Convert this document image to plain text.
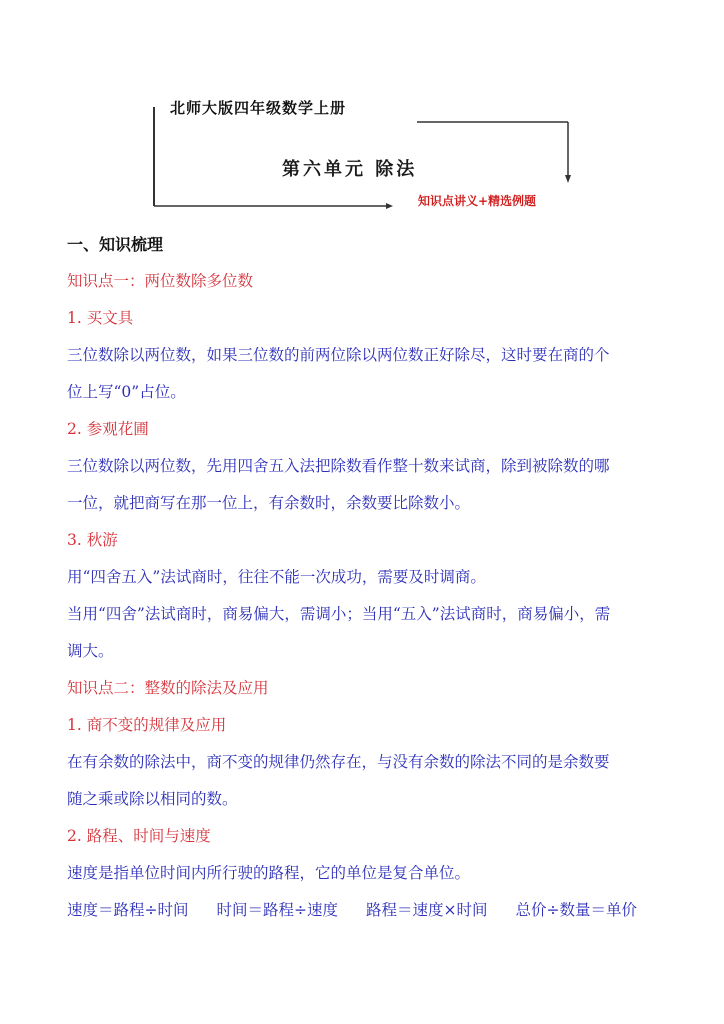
北师大版四年级数学上册
第六单元 除法
知识点讲义+精选例题
一、知识梳理
知识点一：两位数除多位数
1. 买文具
三位数除以两位数，如果三位数的前两位除以两位数正好除尽，这时要在商的个
位上写“0”占位。
2. 参观花圃
三位数除以两位数，先用四舍五入法把除数看作整十数来试商，除到被除数的哪
一位，就把商写在那一位上，有余数时，余数要比除数小。
3. 秋游
用“四舍五入”法试商时，往往不能一次成功，需要及时调商。
当用“四舍”法试商时，商易偏大，需调小；当用“五入”法试商时，商易偏小，需
调大。
知识点二：整数的除法及应用
1. 商不变的规律及应用
在有余数的除法中，商不变的规律仍然存在，与没有余数的除法不同的是余数要
随之乘或除以相同的数。
2. 路程、时间与速度
速度是指单位时间内所行驶的路程，它的单位是复合单位。
速度＝路程÷时间 时间＝路程÷速度 路程＝速度×时间 总价÷数量＝单价
